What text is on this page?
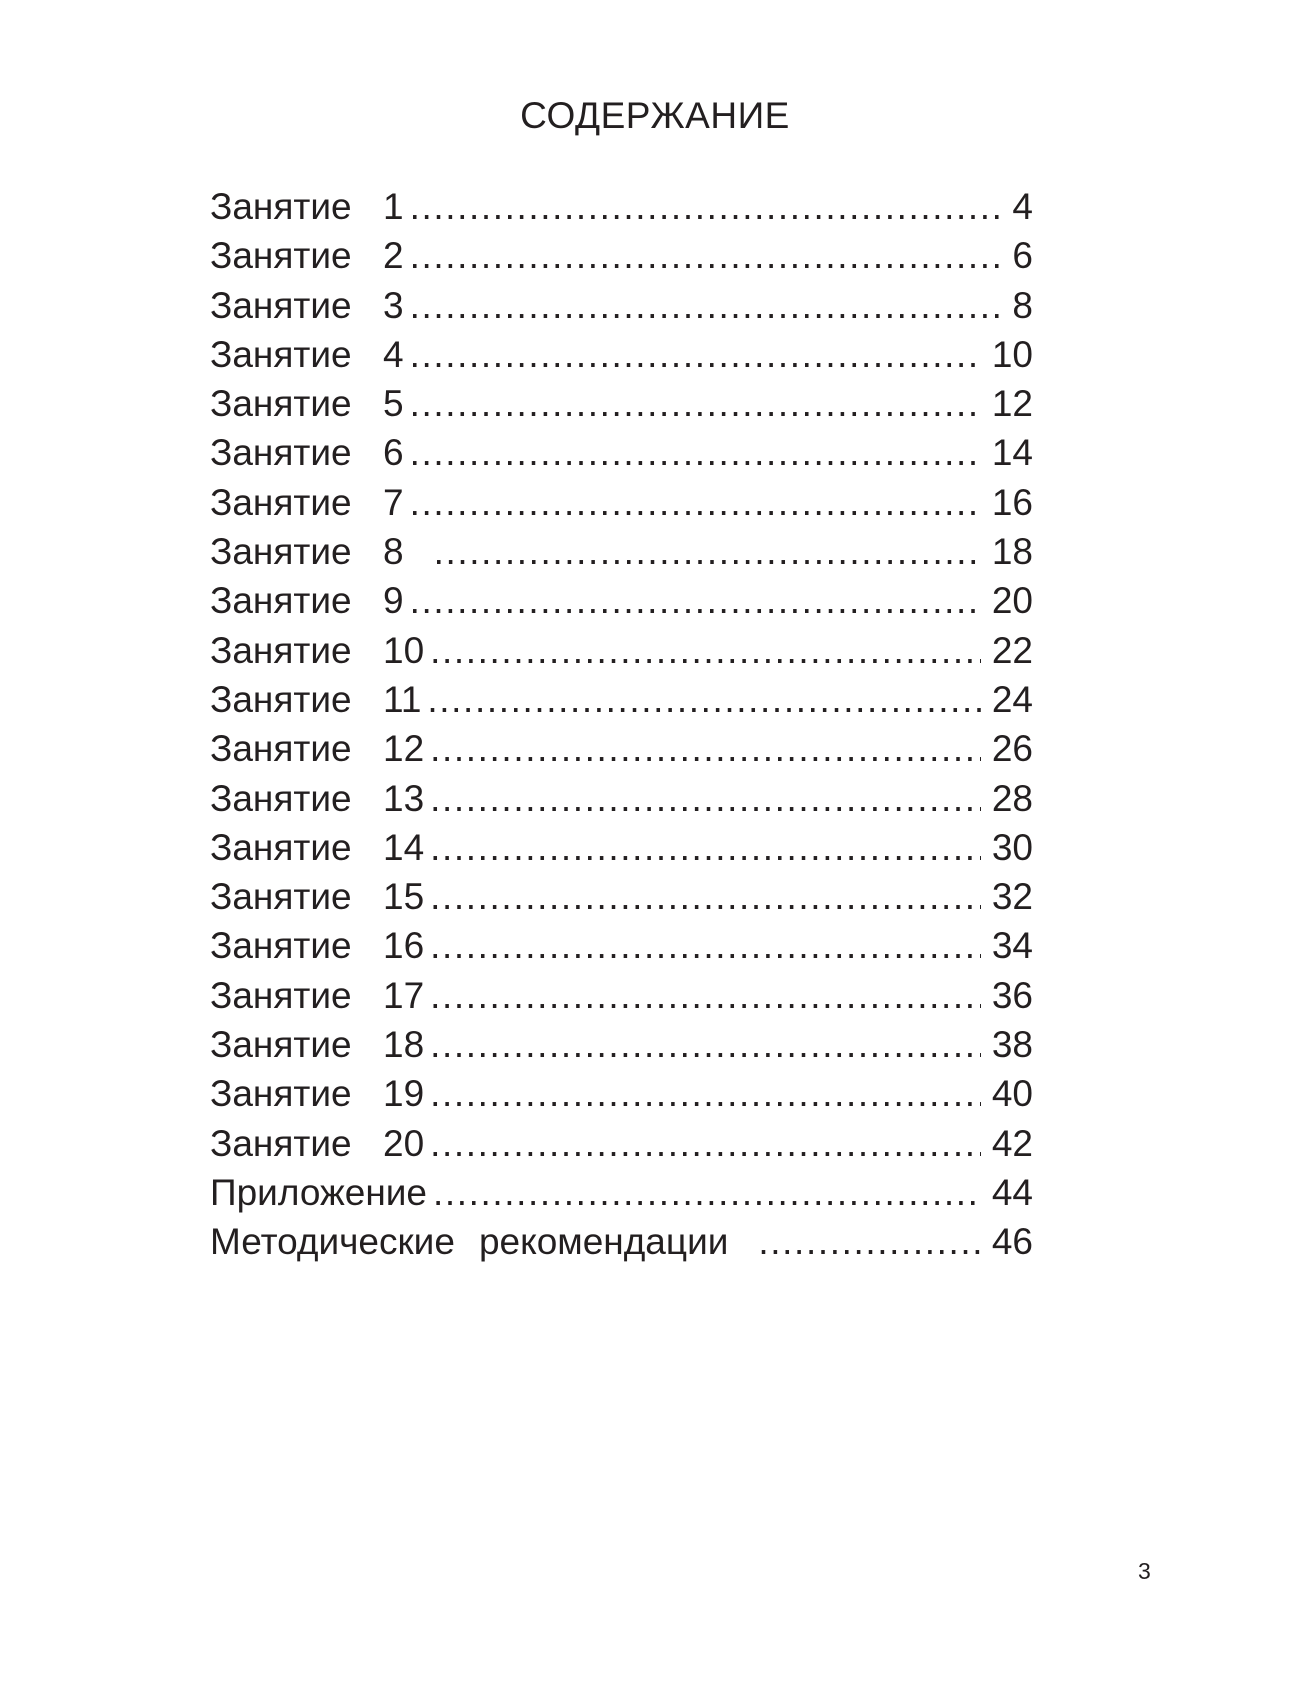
СОДЕРЖАНИЕ
Занятие 1 .....	4
Занятие 2 .....	6
Занятие 3 .....	8
Занятие 4 .....	10
Занятие 5 .....	12
Занятие 6 .....	14
Занятие 7 .....	16
Занятие 8 .....	18
Занятие 9 .....	20
Занятие 10 .....	22
Занятие 11 .....	24
Занятие 12 .....	26
Занятие 13 .....	28
Занятие 14 .....	30
Занятие 15 .....	32
Занятие 16 .....	34
Занятие 17 .....	36
Занятие 18 .....	38
Занятие 19 .....	40
Занятие 20 .....	42
Приложение .....	44
Методические рекомендации .....	46
3
